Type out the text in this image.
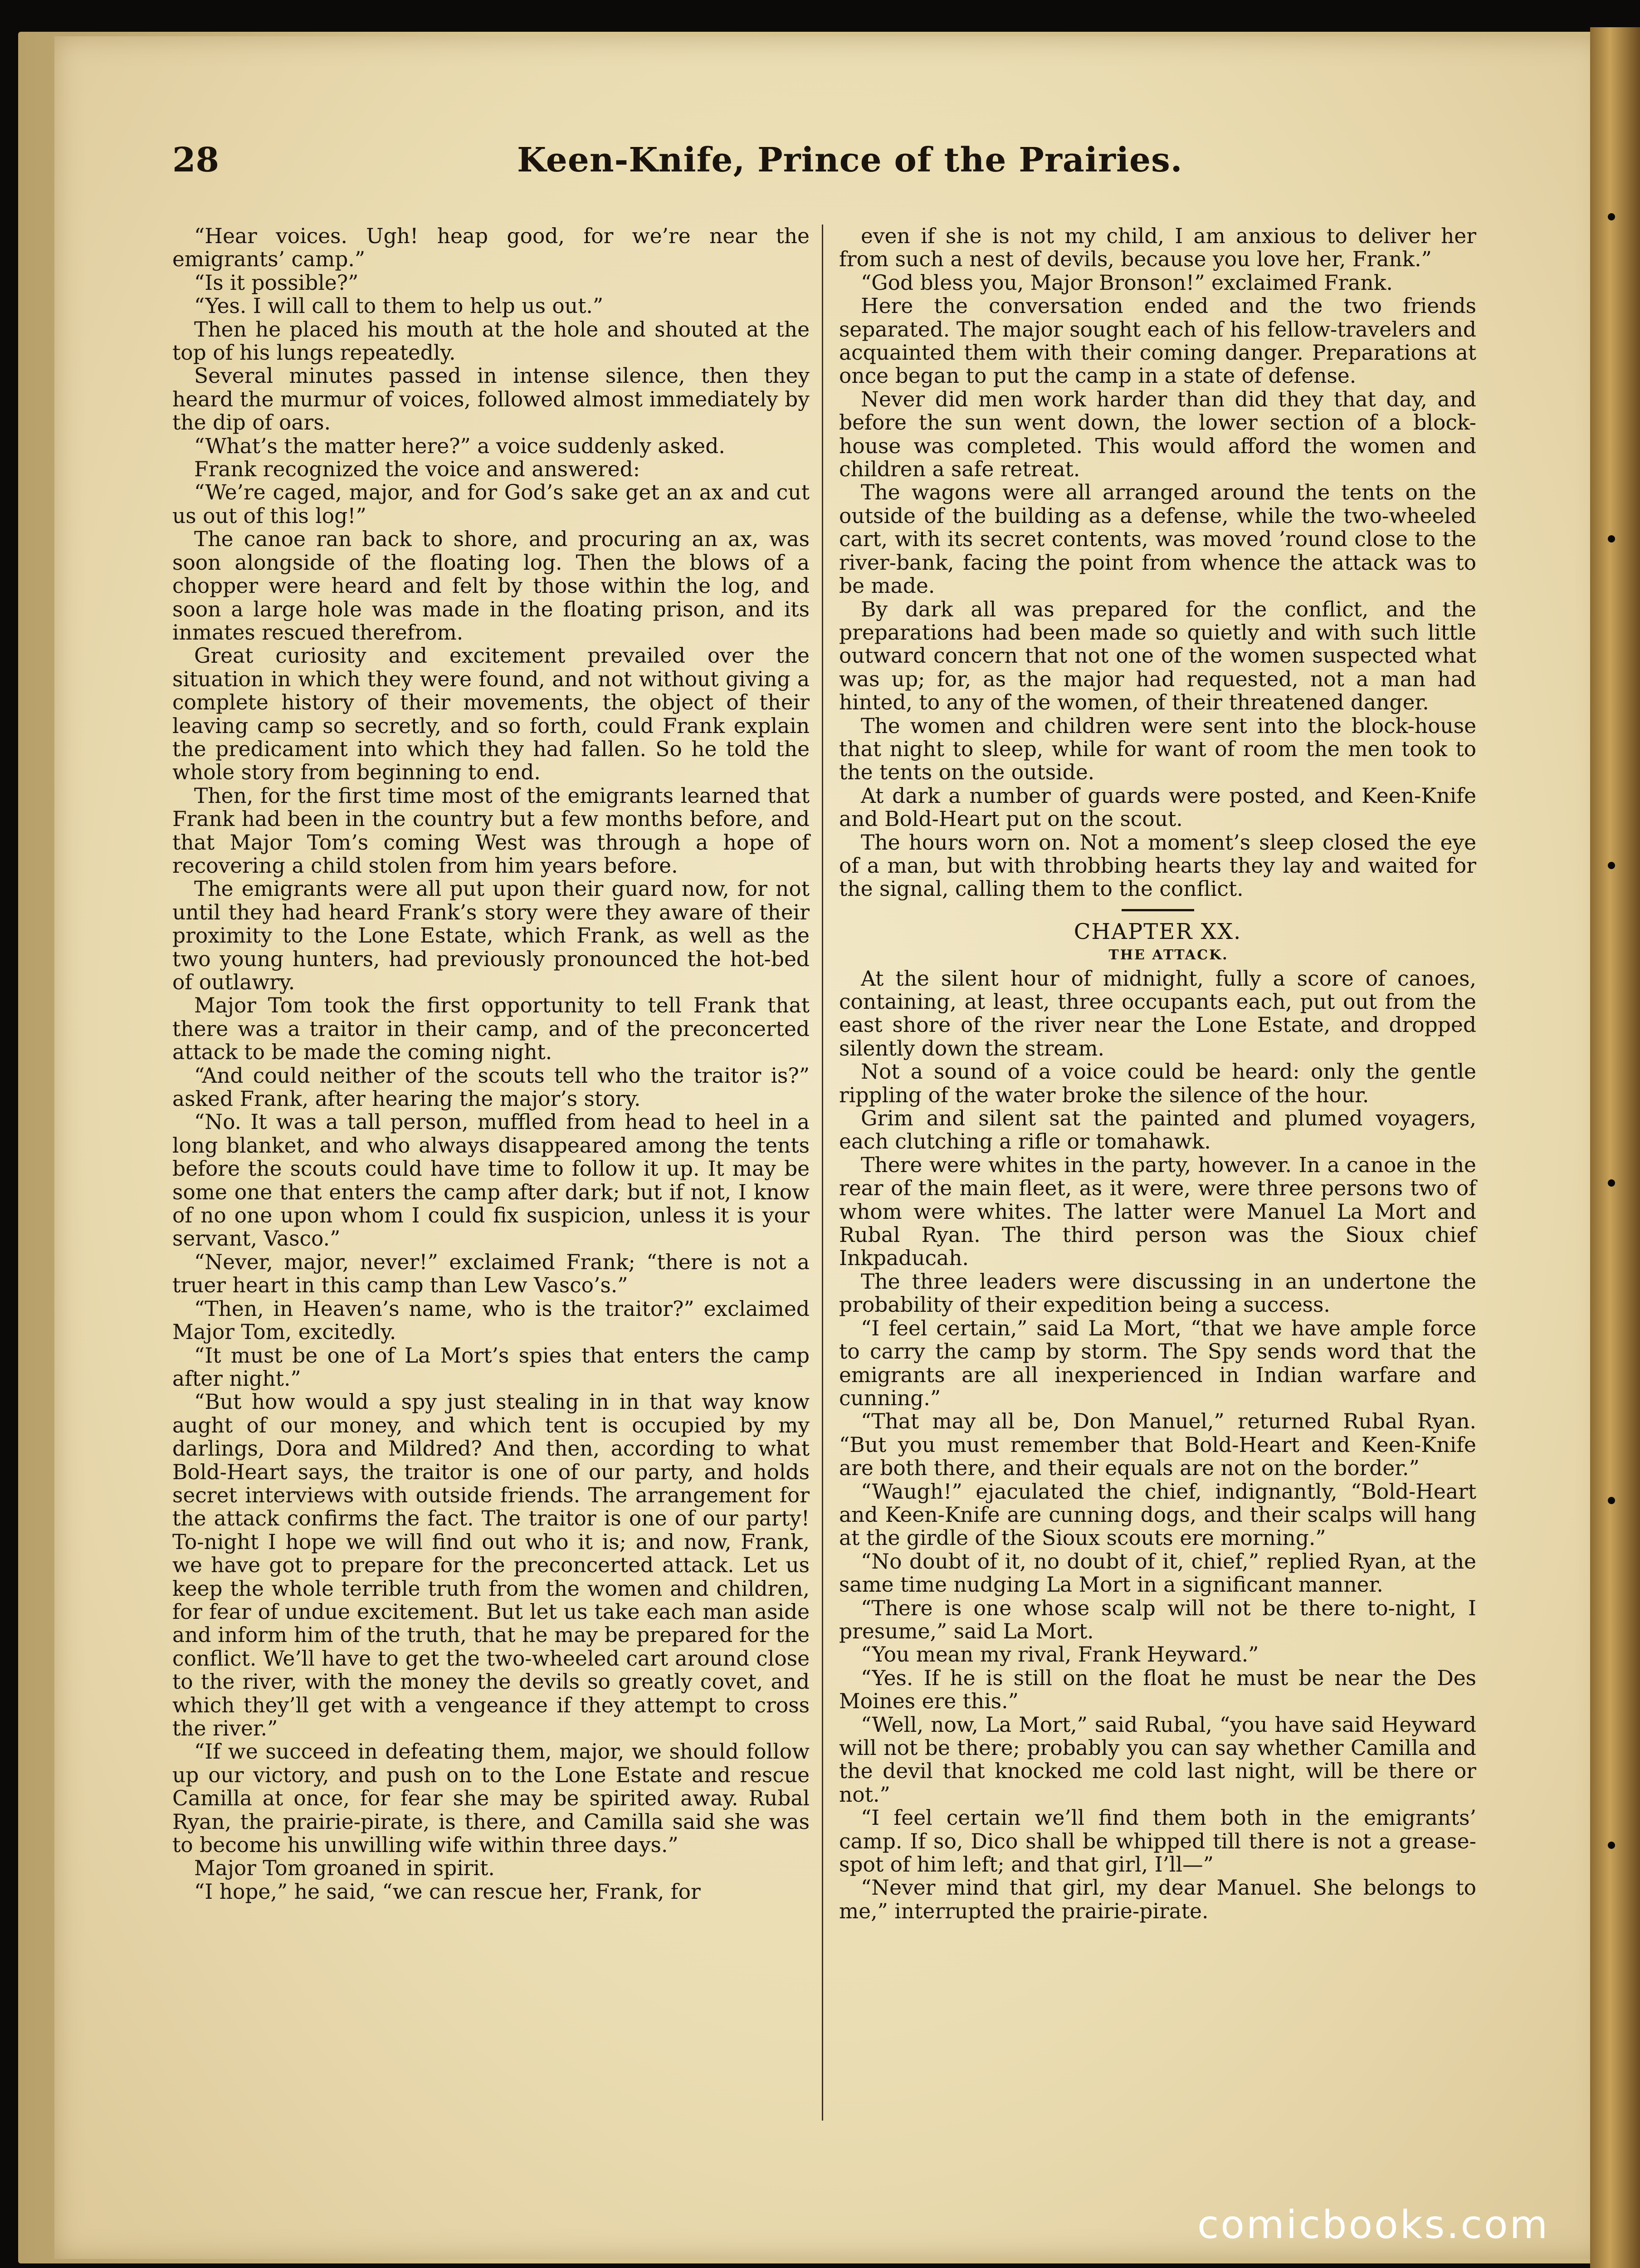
28	Keen-Knife, Prince of the Prairies.

“Hear voices. Ugh! heap good, for we’re near the emigrants’ camp.”

“Is it possible?”

“Yes. I will call to them to help us out.”

Then he placed his mouth at the hole and shouted at the top of his lungs repeatedly.

Several minutes passed in intense silence, then they heard the murmur of voices, followed almost immediately by the dip of oars.

“What’s the matter here?” a voice suddenly asked.

Frank recognized the voice and answered:

“We’re caged, major, and for God’s sake get an ax and cut us out of this log!”

The canoe ran back to shore, and procuring an ax, was soon alongside of the floating log. Then the blows of a chopper were heard and felt by those within the log, and soon a large hole was made in the floating prison, and its inmates rescued therefrom.

Great curiosity and excitement prevailed over the situation in which they were found, and not without giving a complete history of their movements, the object of their leaving camp so secretly, and so forth, could Frank explain the predicament into which they had fallen. So he told the whole story from beginning to end.

Then, for the first time most of the emigrants learned that Frank had been in the country but a few months before, and that Major Tom’s coming West was through a hope of recovering a child stolen from him years before.

The emigrants were all put upon their guard now, for not until they had heard Frank’s story were they aware of their proximity to the Lone Estate, which Frank, as well as the two young hunters, had previously pronounced the hot-bed of outlawry.

Major Tom took the first opportunity to tell Frank that there was a traitor in their camp, and of the preconcerted attack to be made the coming night.

“And could neither of the scouts tell who the traitor is?” asked Frank, after hearing the major’s story.

“No. It was a tall person, muffled from head to heel in a long blanket, and who always disappeared among the tents before the scouts could have time to follow it up. It may be some one that enters the camp after dark; but if not, I know of no one upon whom I could fix suspicion, unless it is your servant, Vasco.”

“Never, major, never!” exclaimed Frank; “there is not a truer heart in this camp than Lew Vasco’s.”

“Then, in Heaven’s name, who is the traitor?” exclaimed Major Tom, excitedly.

“It must be one of La Mort’s spies that enters the camp after night.”

“But how would a spy just stealing in in that way know aught of our money, and which tent is occupied by my darlings, Dora and Mildred? And then, according to what Bold-Heart says, the traitor is one of our party, and holds secret interviews with outside friends. The arrangement for the attack confirms the fact. The traitor is one of our party! To-night I hope we will find out who it is; and now, Frank, we have got to prepare for the preconcerted attack. Let us keep the whole terrible truth from the women and children, for fear of undue excitement. But let us take each man aside and inform him of the truth, that he may be prepared for the conflict. We’ll have to get the two-wheeled cart around close to the river, with the money the devils so greatly covet, and which they’ll get with a vengeance if they attempt to cross the river.”

“If we succeed in defeating them, major, we should follow up our victory, and push on to the Lone Estate and rescue Camilla at once, for fear she may be spirited away. Rubal Ryan, the prairie-pirate, is there, and Camilla said she was to become his unwilling wife within three days.”

Major Tom groaned in spirit.

“I hope,” he said, “we can rescue her, Frank, for

even if she is not my child, I am anxious to deliver her from such a nest of devils, because you love her, Frank.”

“God bless you, Major Bronson!” exclaimed Frank.

Here the conversation ended and the two friends separated. The major sought each of his fellow-travelers and acquainted them with their coming danger. Preparations at once began to put the camp in a state of defense.

Never did men work harder than did they that day, and before the sun went down, the lower section of a block-house was completed. This would afford the women and children a safe retreat.

The wagons were all arranged around the tents on the outside of the building as a defense, while the two-wheeled cart, with its secret contents, was moved ’round close to the river-bank, facing the point from whence the attack was to be made.

By dark all was prepared for the conflict, and the preparations had been made so quietly and with such little outward concern that not one of the women suspected what was up; for, as the major had requested, not a man had hinted, to any of the women, of their threatened danger.

The women and children were sent into the block-house that night to sleep, while for want of room the men took to the tents on the outside.

At dark a number of guards were posted, and Keen-Knife and Bold-Heart put on the scout.

The hours worn on. Not a moment’s sleep closed the eye of a man, but with throbbing hearts they lay and waited for the signal, calling them to the conflict.

CHAPTER XX.

THE ATTACK.

At the silent hour of midnight, fully a score of canoes, containing, at least, three occupants each, put out from the east shore of the river near the Lone Estate, and dropped silently down the stream.

Not a sound of a voice could be heard: only the gentle rippling of the water broke the silence of the hour.

Grim and silent sat the painted and plumed voyagers, each clutching a rifle or tomahawk.

There were whites in the party, however. In a canoe in the rear of the main fleet, as it were, were three persons two of whom were whites. The latter were Manuel La Mort and Rubal Ryan. The third person was the Sioux chief Inkpaducah.

The three leaders were discussing in an undertone the probability of their expedition being a success.

“I feel certain,” said La Mort, “that we have ample force to carry the camp by storm. The Spy sends word that the emigrants are all inexperienced in Indian warfare and cunning.”

“That may all be, Don Manuel,” returned Rubal Ryan. “But you must remember that Bold-Heart and Keen-Knife are both there, and their equals are not on the border.”

“Waugh!” ejaculated the chief, indignantly, “Bold-Heart and Keen-Knife are cunning dogs, and their scalps will hang at the girdle of the Sioux scouts ere morning.”

“No doubt of it, no doubt of it, chief,” replied Ryan, at the same time nudging La Mort in a significant manner.

“There is one whose scalp will not be there to-night, I presume,” said La Mort.

“You mean my rival, Frank Heyward.”

“Yes. If he is still on the float he must be near the Des Moines ere this.”

“Well, now, La Mort,” said Rubal, “you have said Heyward will not be there; probably you can say whether Camilla and the devil that knocked me cold last night, will be there or not.”

“I feel certain we’ll find them both in the emigrants’ camp. If so, Dico shall be whipped till there is not a grease-spot of him left; and that girl, I’ll—”

“Never mind that girl, my dear Manuel. She belongs to me,” interrupted the prairie-pirate.

comicbooks.com
